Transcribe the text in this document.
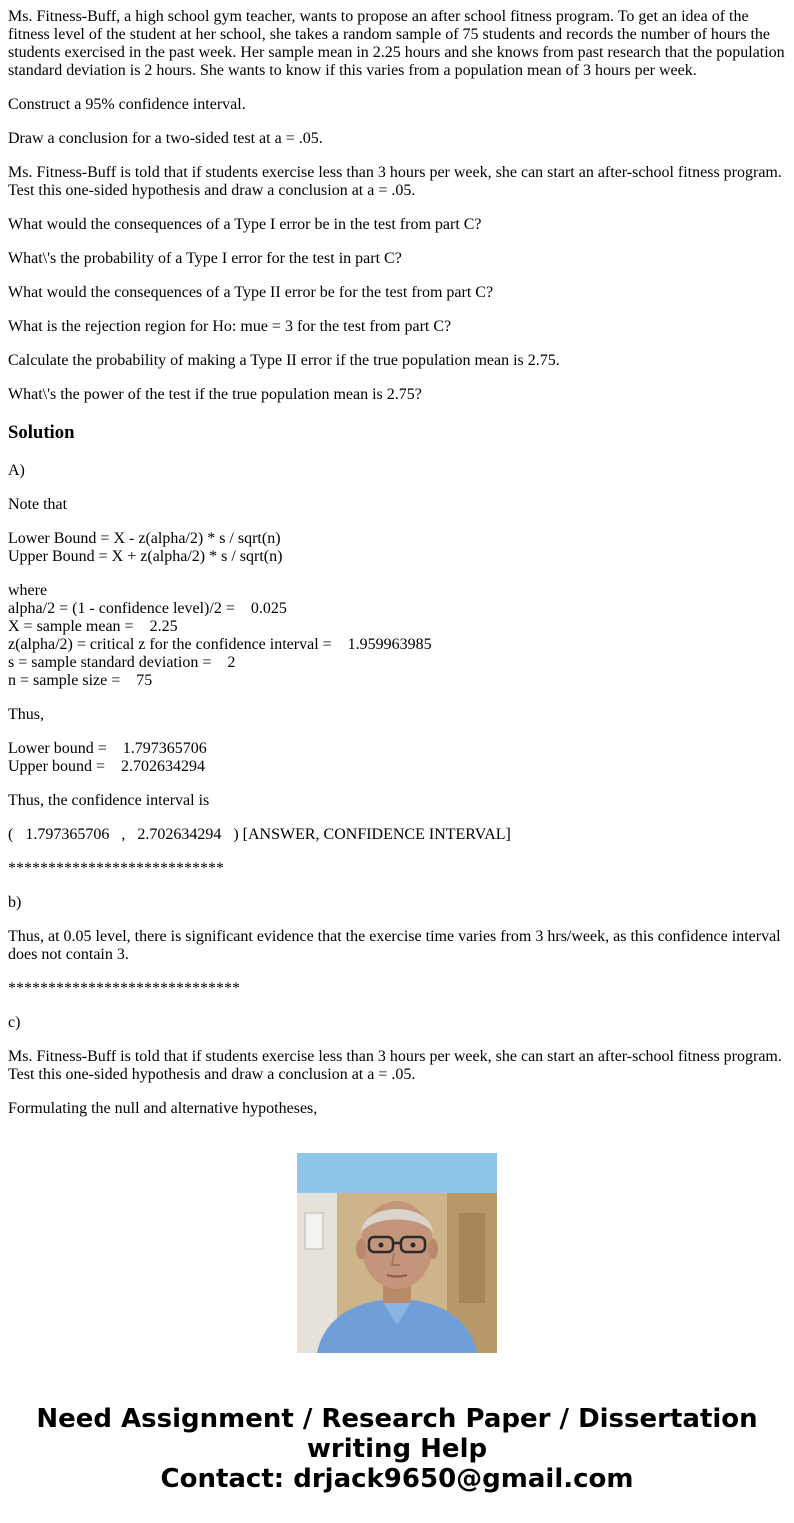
Ms. Fitness-Buff, a high school gym teacher, wants to propose an after school fitness program. To get an idea of the fitness level of the student at her school, she takes a random sample of 75 students and records the number of hours the students exercised in the past week. Her sample mean in 2.25 hours and she knows from past research that the population standard deviation is 2 hours. She wants to know if this varies from a population mean of 3 hours per week.

Construct a 95% confidence interval.

Draw a conclusion for a two-sided test at a = .05.

Ms. Fitness-Buff is told that if students exercise less than 3 hours per week, she can start an after-school fitness program. Test this one-sided hypothesis and draw a conclusion at a = .05.

What would the consequences of a Type I error be in the test from part C?

What\'s the probability of a Type I error for the test in part C?

What would the consequences of a Type II error be for the test from part C?

What is the rejection region for Ho: mue = 3 for the test from part C?

Calculate the probability of making a Type II error if the true population mean is 2.75.

What\'s the power of the test if the true population mean is 2.75?

Solution

A)

Note that

Lower Bound = X - z(alpha/2) * s / sqrt(n)
Upper Bound = X + z(alpha/2) * s / sqrt(n)

where
alpha/2 = (1 - confidence level)/2 =    0.025
X = sample mean =    2.25
z(alpha/2) = critical z for the confidence interval =    1.959963985
s = sample standard deviation =    2
n = sample size =    75

Thus,

Lower bound =    1.797365706
Upper bound =    2.702634294

Thus, the confidence interval is

(   1.797365706   ,   2.702634294   ) [ANSWER, CONFIDENCE INTERVAL]

***************************

b)

Thus, at 0.05 level, there is significant evidence that the exercise time varies from 3 hrs/week, as this confidence interval does not contain 3.

*****************************

c)

Ms. Fitness-Buff is told that if students exercise less than 3 hours per week, she can start an after-school fitness program. Test this one-sided hypothesis and draw a conclusion at a = .05.

Formulating the null and alternative hypotheses,

Need Assignment / Research Paper / Dissertation
writing Help
Contact: drjack9650@gmail.com
